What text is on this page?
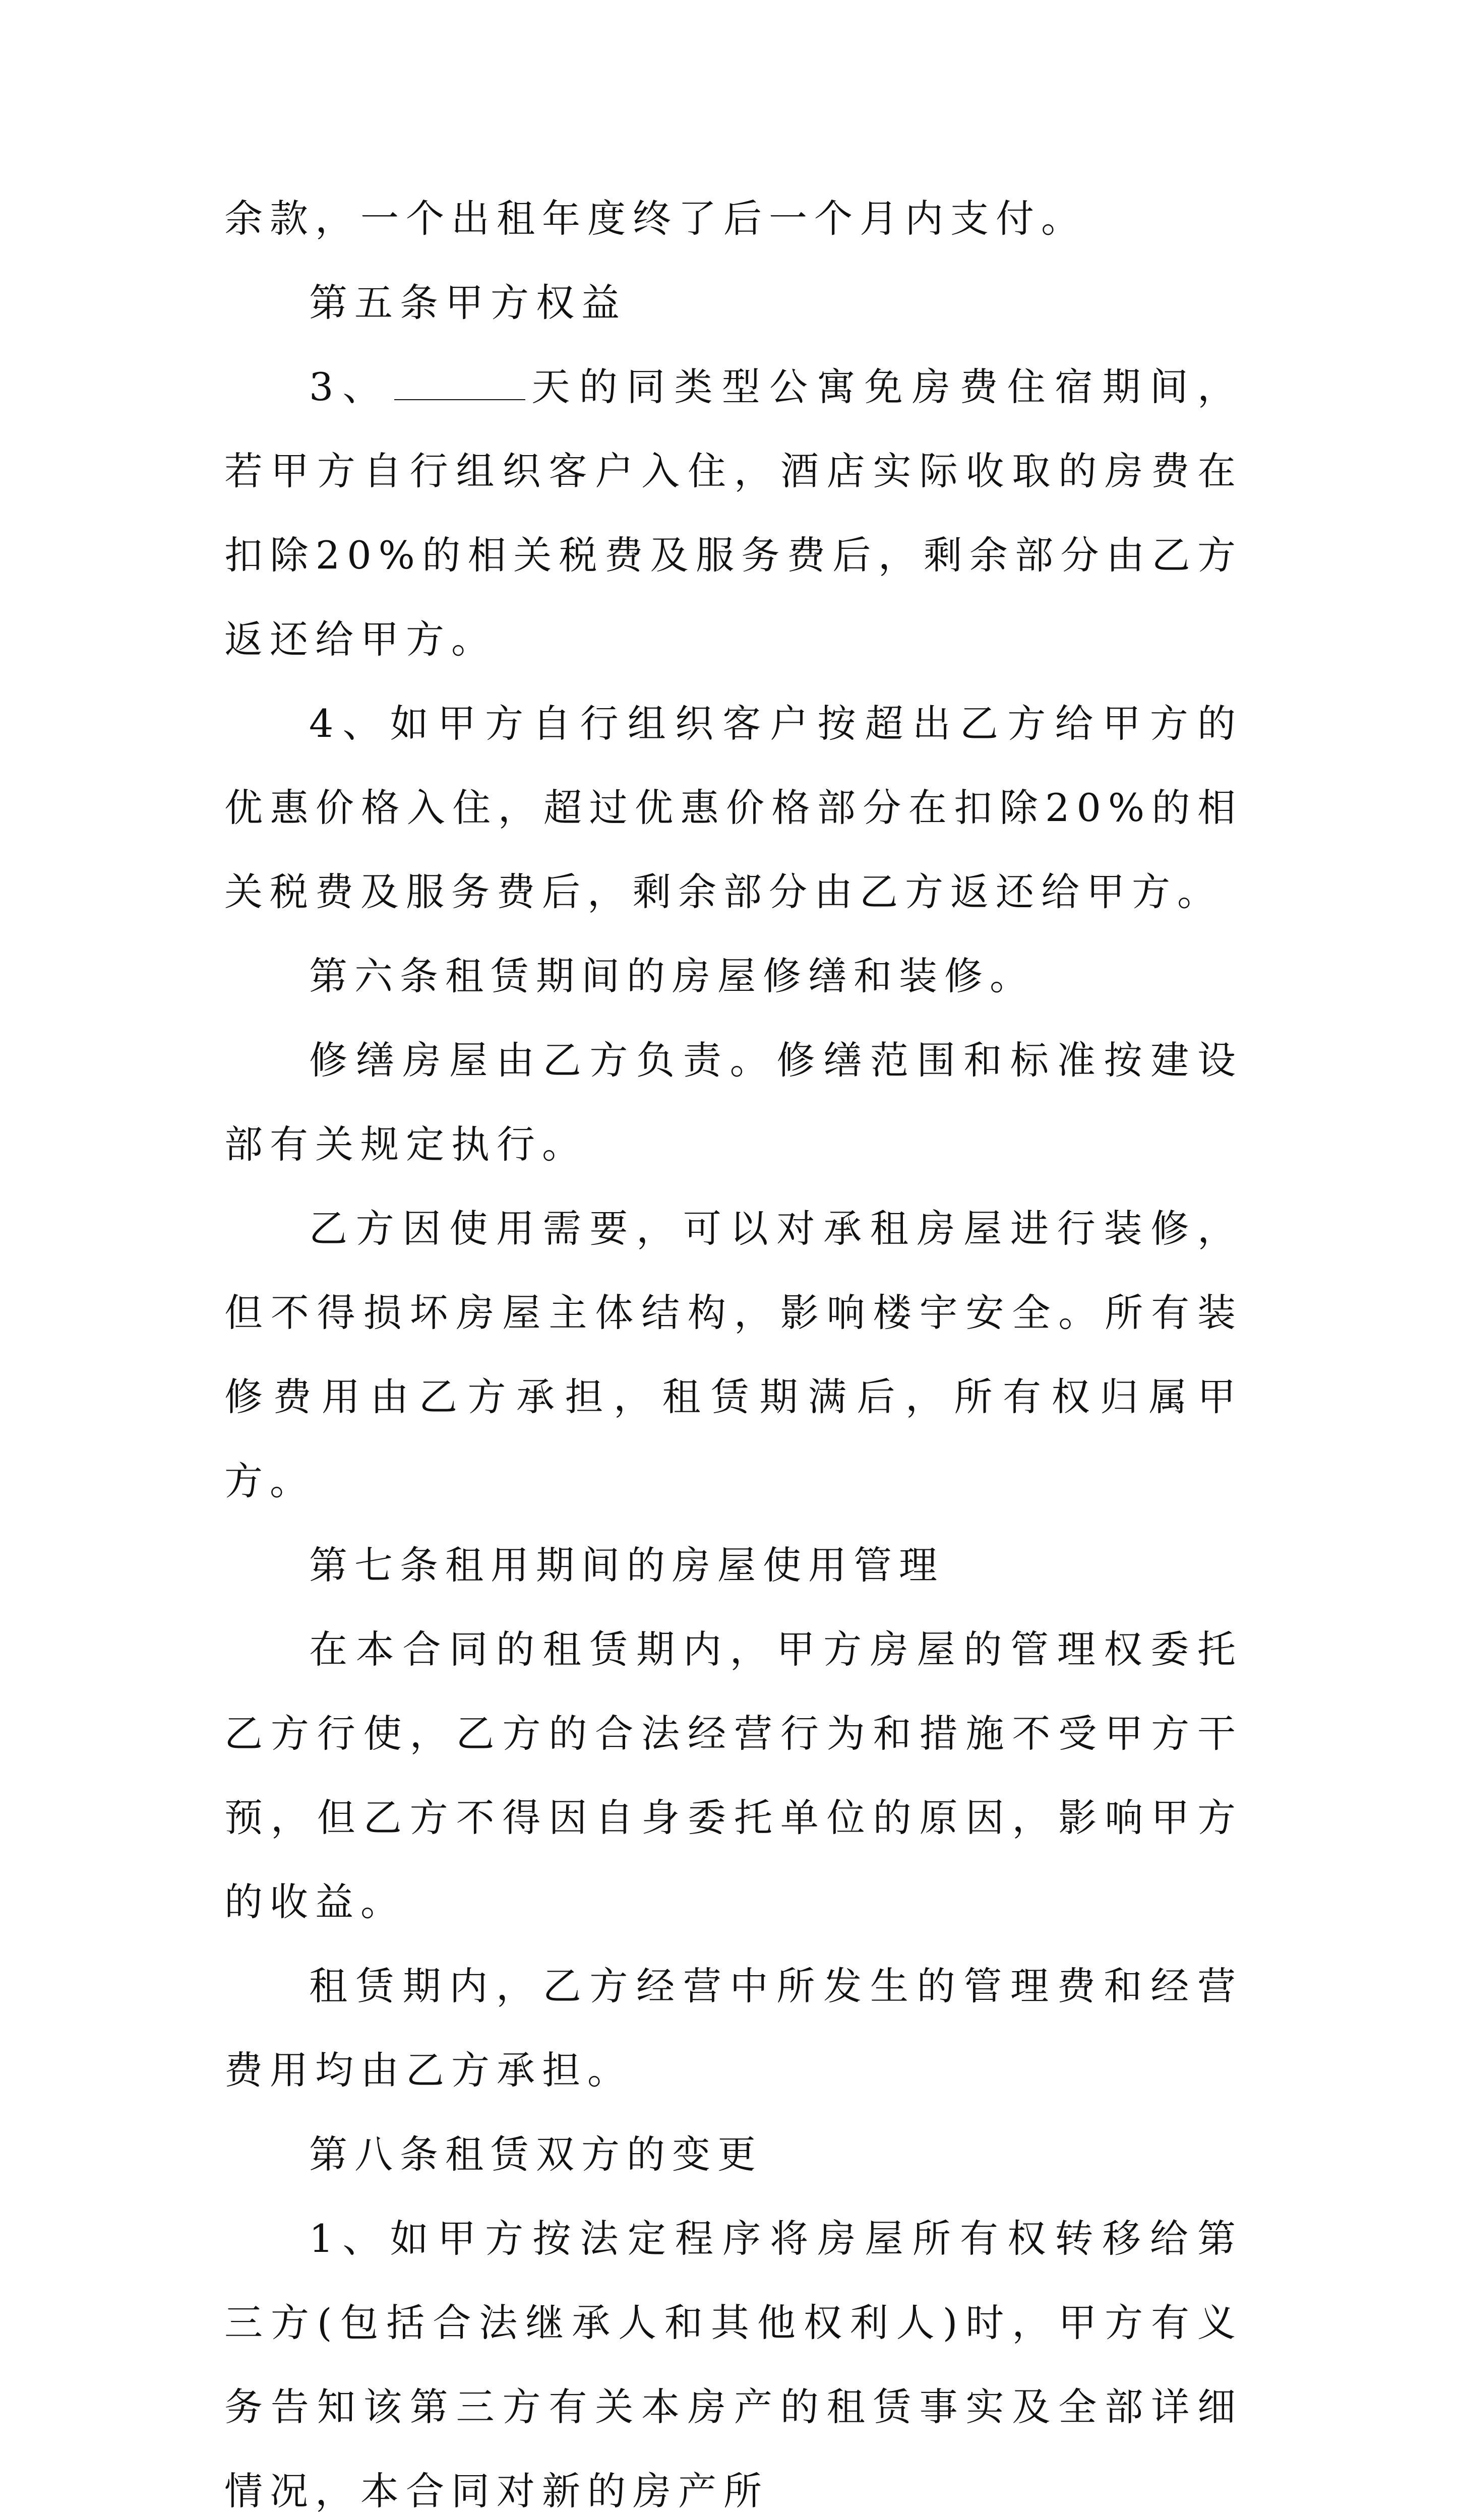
余款，一个出租年度终了后一个月内支付。

第五条甲方权益

3、	天的同类型公寓免房费住宿期间，若甲方自行组织客户入住，酒店实际收取的房费在扣除20%的相关税费及服务费后，剩余部分由乙方返还给甲方。

4、如甲方自行组织客户按超出乙方给甲方的优惠价格入住，超过优惠价格部分在扣除20%的相关税费及服务费后，剩余部分由乙方返还给甲方。

第六条租赁期间的房屋修缮和装修。

修缮房屋由乙方负责。修缮范围和标准按建设部有关规定执行。

乙方因使用需要，可以对承租房屋进行装修，但不得损坏房屋主体结构，影响楼宇安全。所有装修费用由乙方承担，租赁期满后，所有权归属甲方。

第七条租用期间的房屋使用管理

在本合同的租赁期内，甲方房屋的管理权委托乙方行使，乙方的合法经营行为和措施不受甲方干预，但乙方不得因自身委托单位的原因，影响甲方的收益。

租赁期内，乙方经营中所发生的管理费和经营费用均由乙方承担。

第八条租赁双方的变更

1、如甲方按法定程序将房屋所有权转移给第三方(包括合法继承人和其他权利人)时，甲方有义务告知该第三方有关本房产的租赁事实及全部详细情况，本合同对新的房产所
